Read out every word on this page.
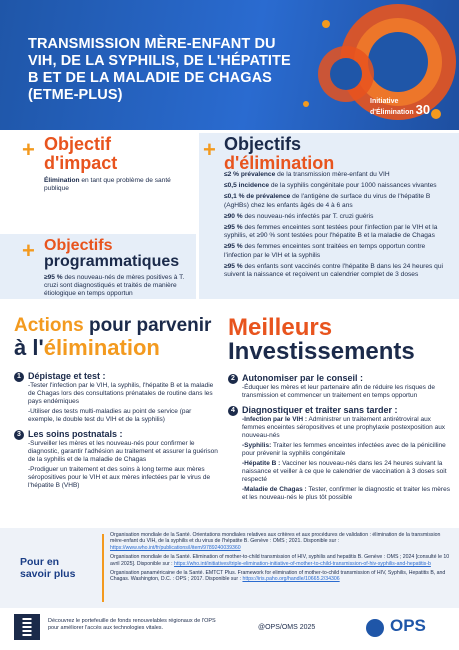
TRANSMISSION MÈRE-ENFANT DU VIH, DE LA SYPHILIS, DE L'HÉPATITE B ET DE LA MALADIE DE CHAGAS (ETME-PLUS)	Initiative
d'Élimination 30
+ Objectif
d'impact
Élimination en tant que problème de santé publique
+ Objectifs
d'élimination
≤2 % prévalence de la transmission mère-enfant du VIH
≤0,5 incidence de la syphilis congénitale pour 1000 naissances vivantes
≤0,1 % de prévalence de l'antigène de surface du virus de l'hépatite B (AgHBs) chez les enfants âgés de 4 à 6 ans
≥90 % des nouveau-nés infectés par T. cruzi guéris
≥95 % des femmes enceintes sont testées pour l'infection par le VIH et la syphilis, et ≥90 % sont testées pour l'hépatite B et la maladie de Chagas
≥95 % des femmes enceintes sont traitées en temps opportun contre l'infection par le VIH et la syphilis
≥95 % des enfants sont vaccinés contre l'hépatite B dans les 24 heures qui suivent la naissance et reçoivent un calendrier complet de 3 doses
+ Objectifs
programmatiques
≥95 % des nouveau-nés de mères positives à T. cruzi sont diagnostiqués et traités de manière étiologique en temps opportun
Actions pour parvenir
à l'élimination
1 Dépistage et test :
-Tester l'infection par le VIH, la syphilis, l'hépatite B et la maladie de Chagas lors des consultations prénatales de routine dans les pays endémiques
-Utiliser des tests multi-maladies au point de service (par exemple, le double test du VIH et de la syphilis)
3 Les soins postnatals :
-Surveiller les mères et les nouveau-nés pour confirmer le diagnostic, garantir l'adhésion au traitement et assurer la guérison de la syphilis et de la maladie de Chagas
-Prodiguer un traitement et des soins à long terme aux mères séropositives pour le VIH et aux mères infectées par le virus de l'hépatite B (VHB)
Meilleurs
Investissements
2 Autonomiser par le conseil :
-Éduquer les mères et leur partenaire afin de réduire les risques de transmission et commencer un traitement en temps opportun
4 Diagnostiquer et traiter sans tarder :
-Infection par le VIH : Administrer un traitement antirétroviral aux femmes enceintes séropositives et une prophylaxie postexposition aux nouveau-nés
-Syphilis: Traiter les femmes enceintes infectées avec de la pénicilline pour prévenir la syphilis congénitale
-Hépatite B : Vacciner les nouveau-nés dans les 24 heures suivant la naissance et veiller à ce que le calendrier de vaccination à 3 doses soit respecté
-Maladie de Chagas : Tester, confirmer le diagnostic et traiter les mères et les nouveau-nés le plus tôt possible
Pour en
savoir plus
Organisation mondiale de la Santé. Orientations mondiales relatives aux critères et aux procédures de validation : élimination de la transmission mère-enfant du VIH, de la syphilis et du virus de l'hépatite B. Genève : OMS ; 2021. Disponible sur : https://www.who.int/fr/publications/i/item/9789240039360
Organisation mondiale de la Santé. Elimination of mother-to-child transmission of HIV, syphilis and hepatitis B. Genève : OMS ; 2024 [consulté le 10 avril 2025]. Disponible sur : https://who.int/initiatives/triple-elimination-initiative-of-mother-to-child-transmission-of-hiv-syphilis-and-hepatitis-b
Organisation panaméricaine de la Santé. EMTCT Plus. Framework for elimination of mother-to-child transmission of HIV, Syphilis, Hepatitis B, and Chagas. Washington, D.C. : OPS ; 2017. Disponible sur : https://iris.paho.org/handle/10665.2/34306
Découvrez le portefeuille de fonds renouvelables régionaux de l'OPS pour améliorer l'accès aux technologies vitales.	@OPS/OMS 2025	OPS
